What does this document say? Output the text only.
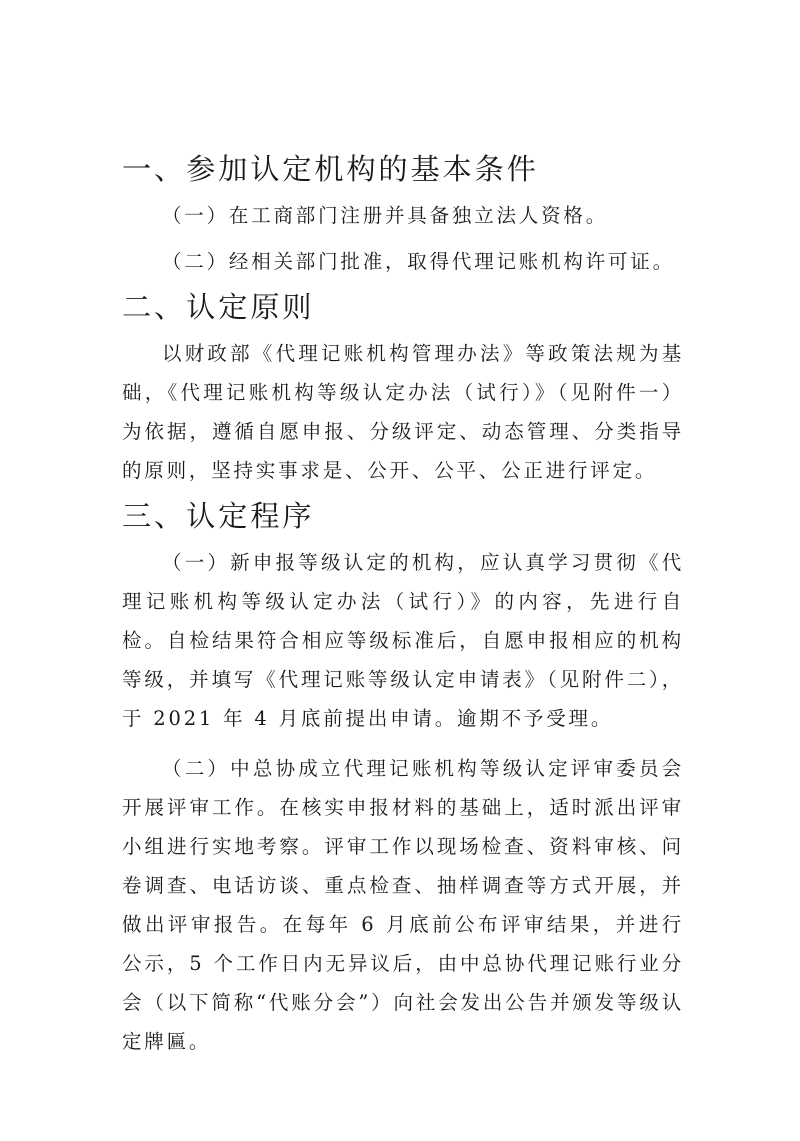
一、参加认定机构的基本条件

（一）在工商部门注册并具备独立法人资格。

（二）经相关部门批准，取得代理记账机构许可证。

二、认定原则

以财政部《代理记账机构管理办法》等政策法规为基础，《代理记账机构等级认定办法（试行）》（见附件一）为依据，遵循自愿申报、分级评定、动态管理、分类指导的原则，坚持实事求是、公开、公平、公正进行评定。

三、认定程序

（一）新申报等级认定的机构，应认真学习贯彻《代理记账机构等级认定办法（试行）》的内容，先进行自检。自检结果符合相应等级标准后，自愿申报相应的机构等级，并填写《代理记账等级认定申请表》（见附件二），于 2021 年 4 月底前提出申请。逾期不予受理。

（二）中总协成立代理记账机构等级认定评审委员会开展评审工作。在核实申报材料的基础上，适时派出评审小组进行实地考察。评审工作以现场检查、资料审核、问卷调查、电话访谈、重点检查、抽样调查等方式开展，并做出评审报告。在每年 6 月底前公布评审结果，并进行公示，5 个工作日内无异议后，由中总协代理记账行业分会（以下简称“代账分会”）向社会发出公告并颁发等级认定牌匾。
